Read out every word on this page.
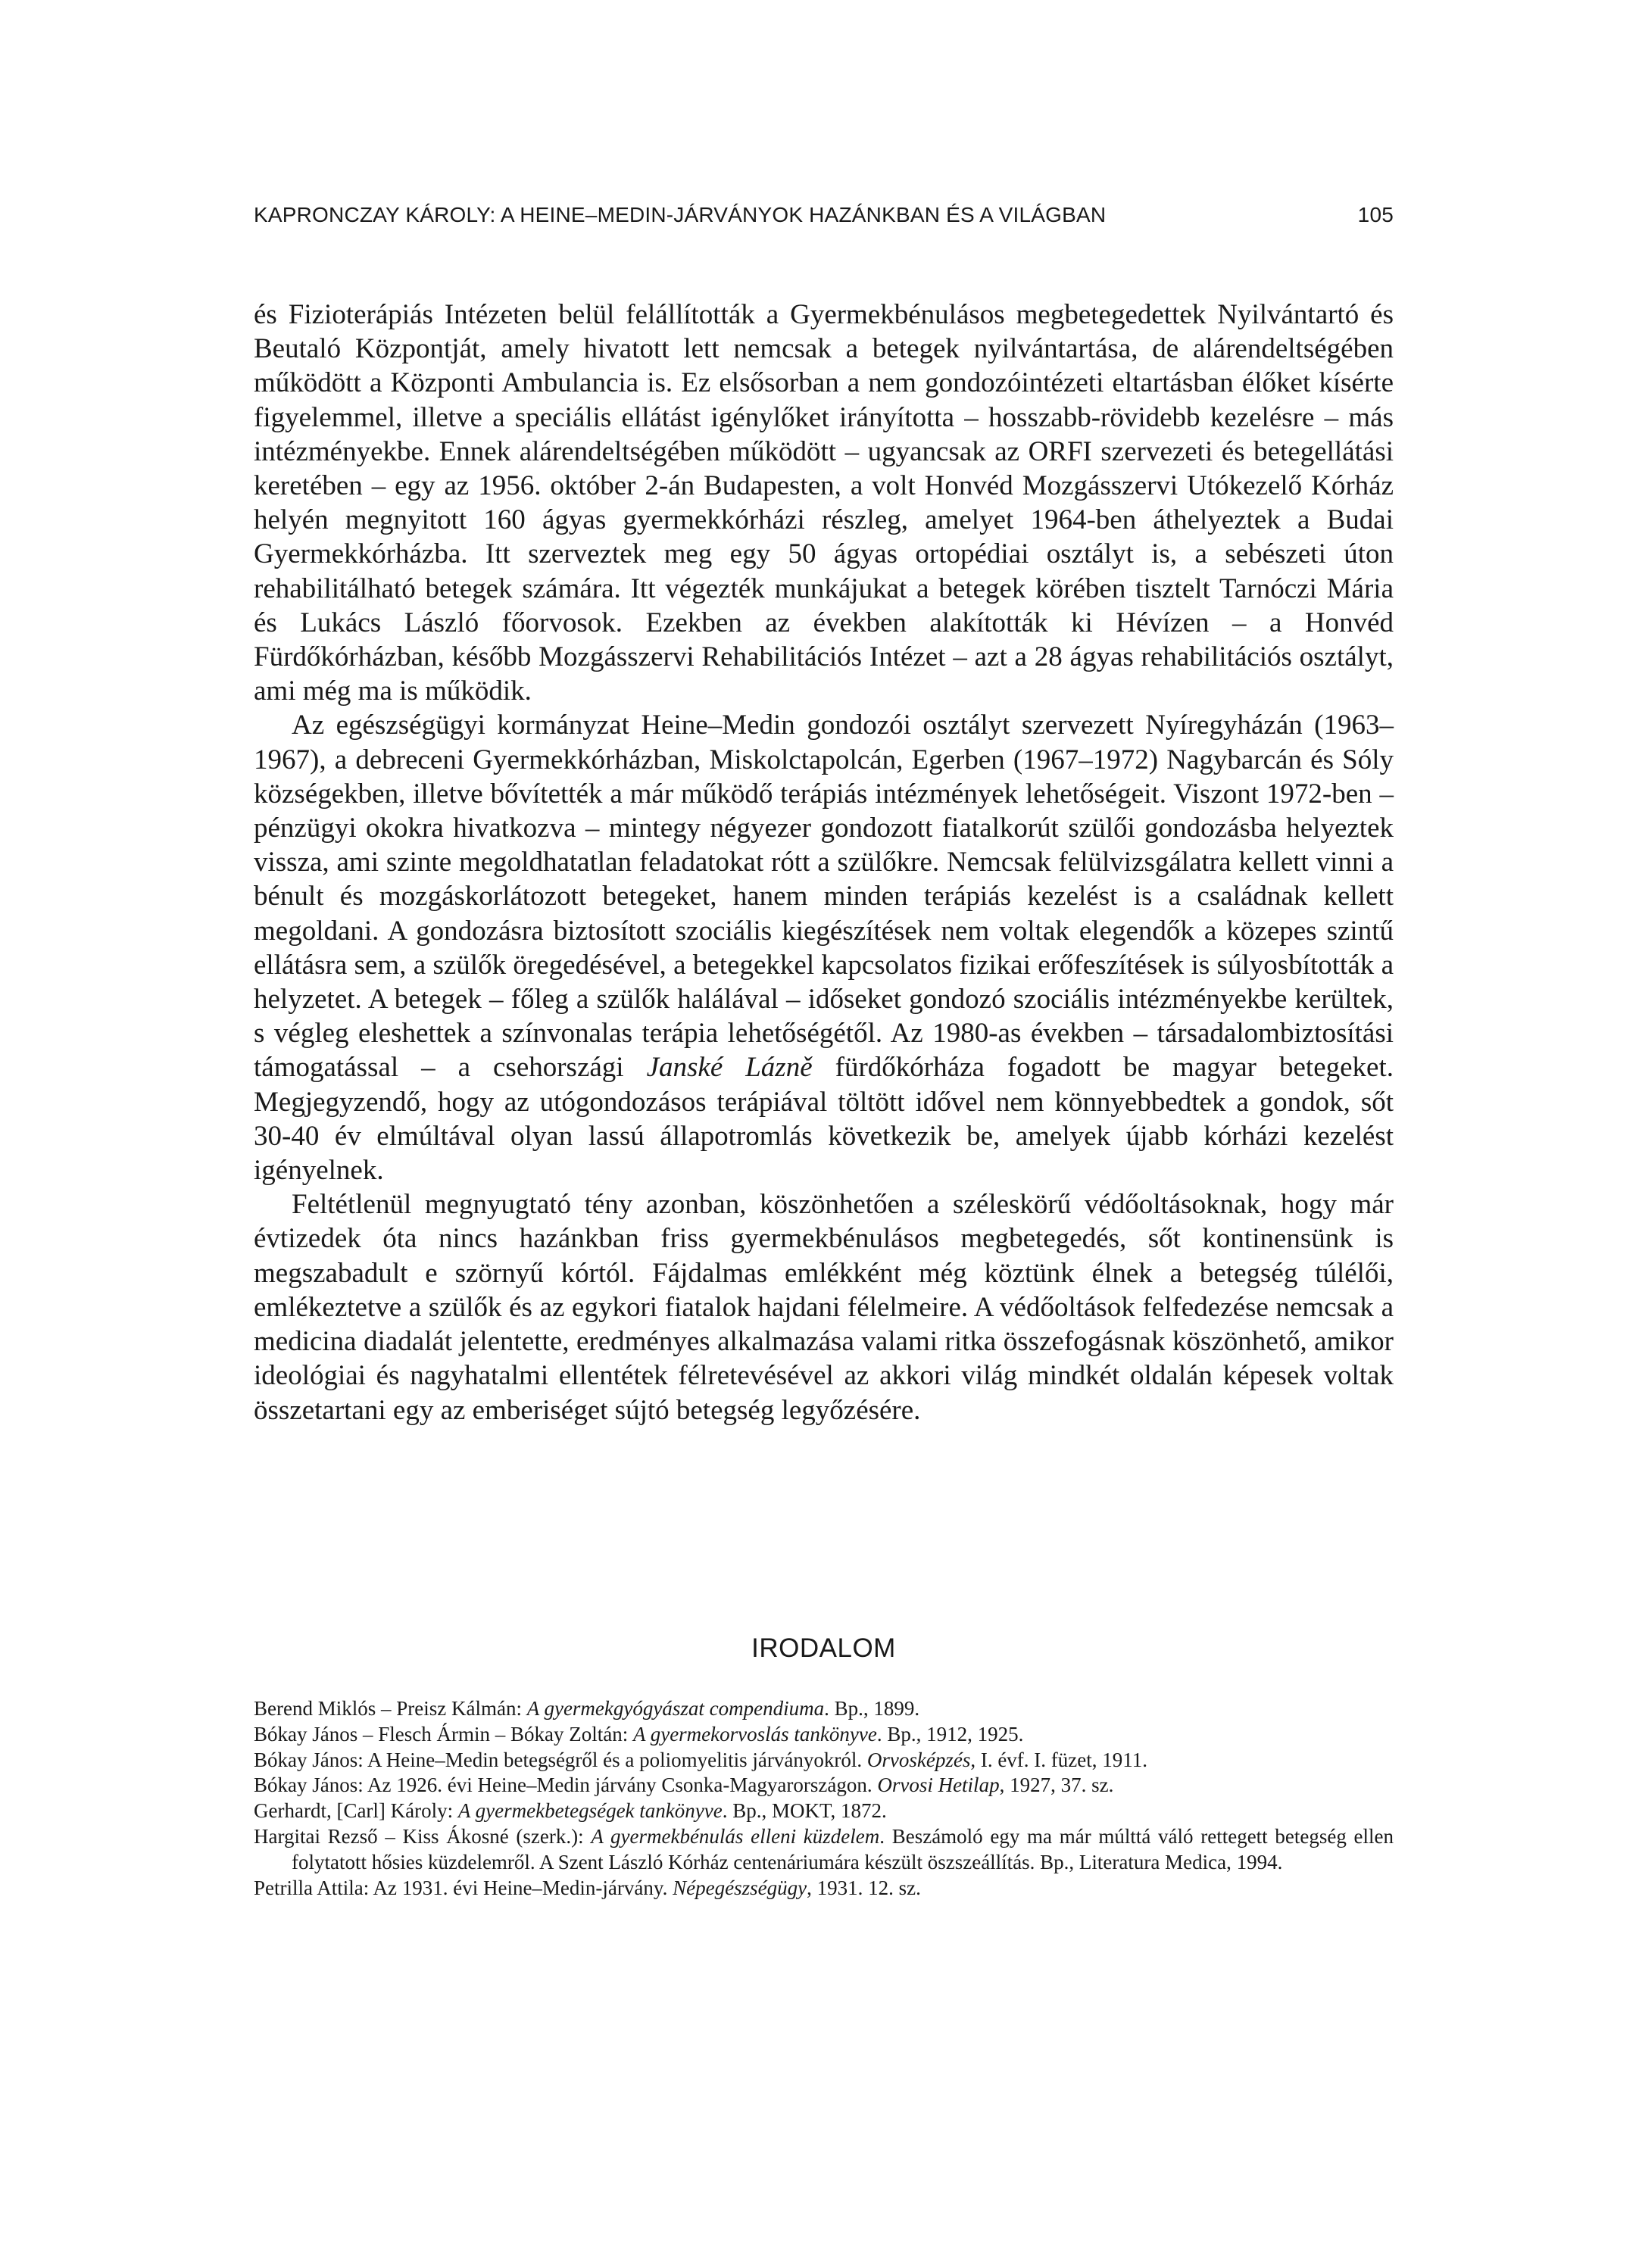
KAPRONCZAY KÁROLY: A HEINE–MEDIN-JÁRVÁNYOK HAZÁNKBAN ÉS A VILÁGBAN	105

és Fizioterápiás Intézeten belül felállították a Gyermekbénulásos megbetegedettek Nyilvántartó és Beutaló Központját, amely hivatott lett nemcsak a betegek nyilvántartása, de alárendeltségében működött a Központi Ambulancia is. Ez elsősorban a nem gondozóintézeti eltartásban élőket kísérte figyelemmel, illetve a speciális ellátást igénylőket irányította – hosszabb-rövidebb kezelésre – más intézményekbe. Ennek alárendeltségében működött – ugyancsak az ORFI szervezeti és betegellátási keretében – egy az 1956. október 2-án Budapesten, a volt Honvéd Mozgásszervi Utókezelő Kórház helyén megnyitott 160 ágyas gyermekkórházi részleg, amelyet 1964-ben áthelyeztek a Budai Gyermekkórházba. Itt szerveztek meg egy 50 ágyas ortopédiai osztályt is, a sebészeti úton rehabilitálható betegek számára. Itt végezték munkájukat a betegek körében tisztelt Tarnóczi Mária és Lukács László főorvosok. Ezekben az években alakították ki Hévízen – a Honvéd Fürdőkórházban, később Mozgásszervi Rehabilitációs Intézet – azt a 28 ágyas rehabilitációs osztályt, ami még ma is működik.

Az egészségügyi kormányzat Heine–Medin gondozói osztályt szervezett Nyíregyházán (1963–1967), a debreceni Gyermekkórházban, Miskolctapolcán, Egerben (1967–1972) Nagybarcán és Sóly községekben, illetve bővítették a már működő terápiás intézmények lehetőségeit. Viszont 1972-ben – pénzügyi okokra hivatkozva – mintegy négyezer gondozott fiatalkorút szülői gondozásba helyeztek vissza, ami szinte megoldhatatlan feladatokat rótt a szülőkre. Nemcsak felülvizsgálatra kellett vinni a bénult és mozgáskorlátozott betegeket, hanem minden terápiás kezelést is a családnak kellett megoldani. A gondozásra biztosított szociális kiegészítések nem voltak elegendők a közepes szintű ellátásra sem, a szülők öregedésével, a betegekkel kapcsolatos fizikai erőfeszítések is súlyosbították a helyzetet. A betegek – főleg a szülők halálával – időseket gondozó szociális intézményekbe kerültek, s végleg eleshettek a színvonalas terápia lehetőségétől. Az 1980-as években – társadalombiztosítási támogatással – a csehországi Janské Lázně fürdőkórháza fogadott be magyar betegeket. Megjegyzendő, hogy az utógondozásos terápiával töltött idővel nem könnyebbedtek a gondok, sőt 30-40 év elmúltával olyan lassú állapotromlás következik be, amelyek újabb kórházi kezelést igényelnek.

Feltétlenül megnyugtató tény azonban, köszönhetően a széleskörű védőoltásoknak, hogy már évtizedek óta nincs hazánkban friss gyermekbénulásos megbetegedés, sőt kontinensünk is megszabadult e szörnyű kórtól. Fájdalmas emlékként még köztünk élnek a betegség túlélői, emlékeztetve a szülők és az egykori fiatalok hajdani félelmeire. A védőoltások felfedezése nemcsak a medicina diadalát jelentette, eredményes alkalmazása valami ritka összefogásnak köszönhető, amikor ideológiai és nagyhatalmi ellentétek félretevésével az akkori világ mindkét oldalán képesek voltak összetartani egy az emberiséget sújtó betegség legyőzésére.

IRODALOM
Berend Miklós – Preisz Kálmán: A gyermekgyógyászat compendiuma. Bp., 1899.
Bókay János – Flesch Ármin – Bókay Zoltán: A gyermekorvoslás tankönyve. Bp., 1912, 1925.
Bókay János: A Heine–Medin betegségről és a poliomyelitis járványokról. Orvosképzés, I. évf. I. füzet, 1911.
Bókay János: Az 1926. évi Heine–Medin járvány Csonka-Magyarországon. Orvosi Hetilap, 1927, 37. sz.
Gerhardt, [Carl] Károly: A gyermekbetegségek tankönyve. Bp., MOKT, 1872.
Hargitai Rezső – Kiss Ákosné (szerk.): A gyermekbénulás elleni küzdelem. Beszámoló egy ma már múlttá váló rettegett betegség ellen folytatott hősies küzdelemről. A Szent László Kórház centenáriumára készült öszszeállítás. Bp., Literatura Medica, 1994.
Petrilla Attila: Az 1931. évi Heine–Medin-járvány. Népegészségügy, 1931. 12. sz.
